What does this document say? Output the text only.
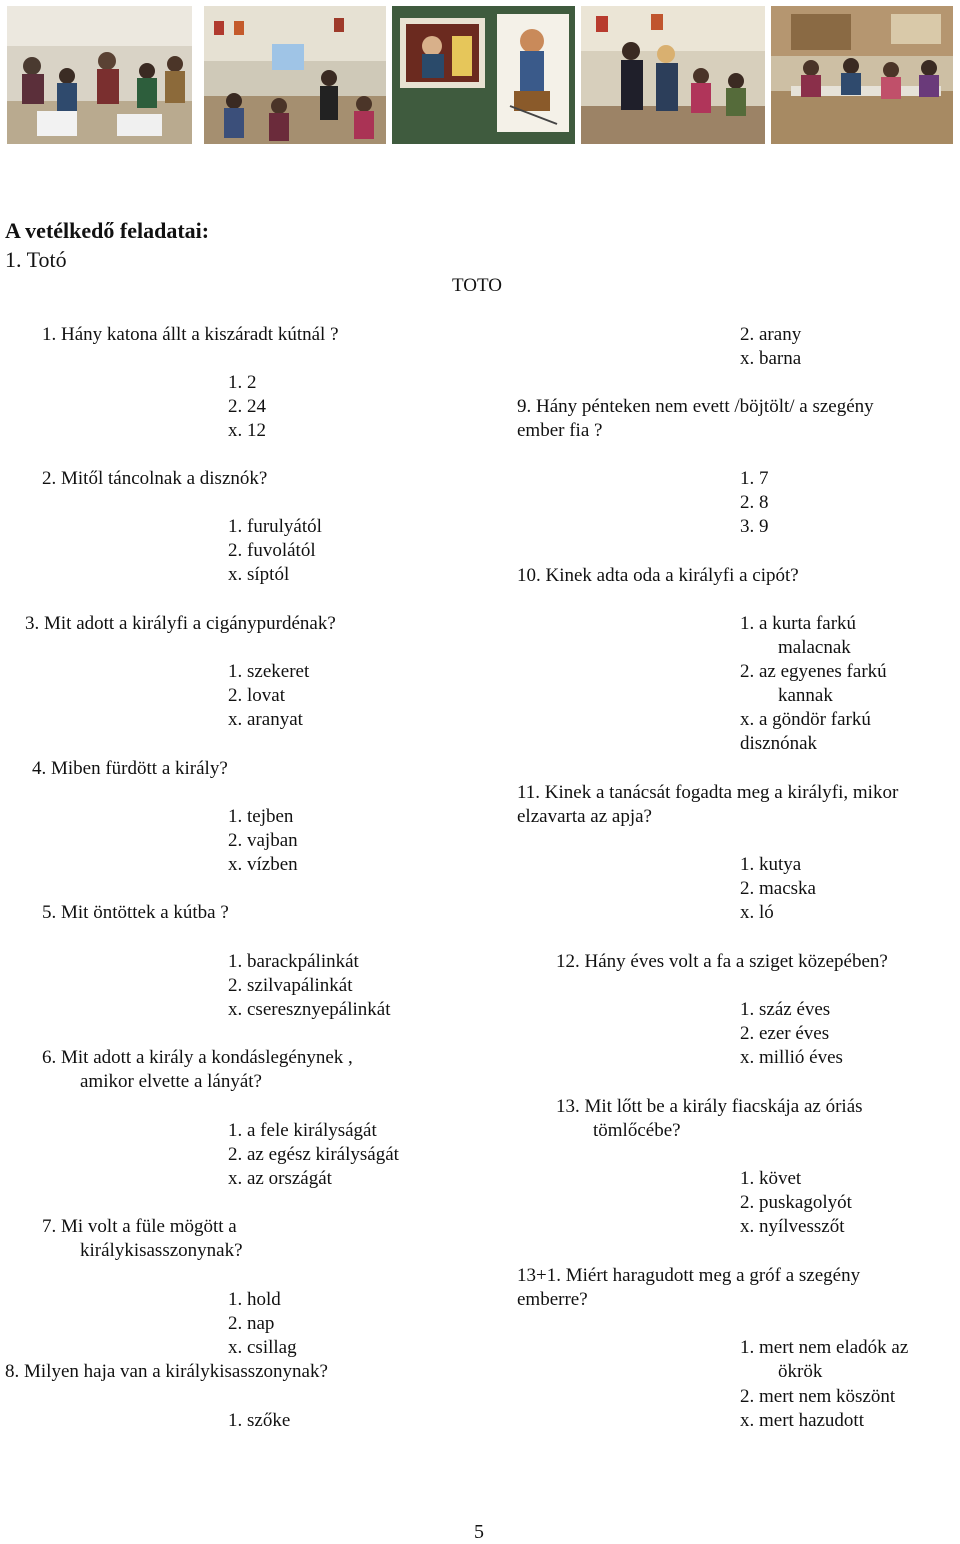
A vetélkedő feladatai:
1. Totó
TOTO
1. Hány katona állt a kiszáradt kútnál ?
1. 2
2. 24
x. 12
2. Mitől táncolnak a disznók?
1. furulyától
2. fuvolától
x. síptól
3. Mit adott a királyfi a cigánypurdénak?
1. szekeret
2. lovat
x. aranyat
4. Miben fürdött a király?
1. tejben
2. vajban
x. vízben
5. Mit öntöttek a kútba ?
1. barackpálinkát
2. szilvapálinkát
x. cseresznyepálinkát
6. Mit adott a király a kondáslegénynek ,
amikor elvette a lányát?
1. a fele királyságát
2. az egész királyságát
x. az országát
7. Mi volt a füle mögött a
királykisasszonynak?
1. hold
2. nap
x. csillag
8. Milyen haja van a királykisasszonynak?
1. szőke
2. arany
x. barna
9. Hány pénteken nem evett /böjtölt/ a szegény
ember fia ?
1. 7
2. 8
3. 9
10. Kinek adta oda a királyfi a cipót?
1. a kurta farkú
malacnak
2. az egyenes farkú
kannak
x. a göndör farkú
disznónak
11. Kinek a tanácsát fogadta meg a királyfi, mikor
elzavarta az apja?
1. kutya
2. macska
x. ló
12. Hány éves volt a fa a sziget közepében?
1. száz éves
2. ezer éves
x. millió éves
13. Mit lőtt be a király fiacskája az óriás
tömlőcébe?
1. követ
2. puskagolyót
x. nyílvesszőt
13+1. Miért haragudott meg a gróf a szegény
emberre?
1. mert nem eladók az
ökrök
2. mert nem köszönt
x. mert hazudott
5
